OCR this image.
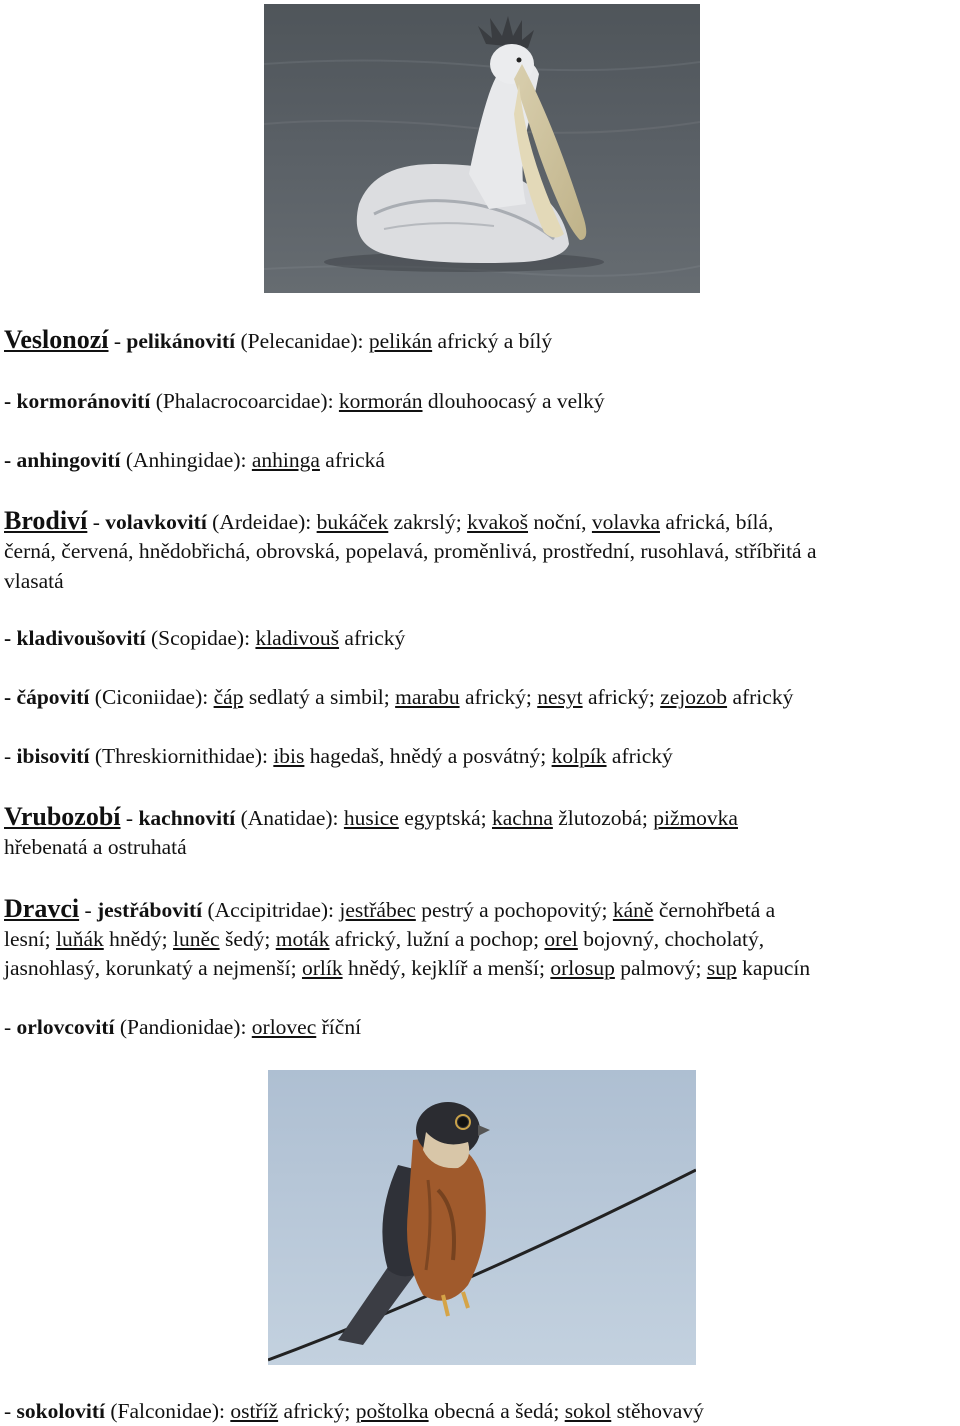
Veslonozí - pelikánovití (Pelecanidae): pelikán africký a bílý
- kormoránovití (Phalacrocoarcidae): kormorán dlouhoocasý a velký
- anhingovití (Anhingidae): anhinga africká
Brodiví - volavkovití (Ardeidae): bukáček zakrslý; kvakoš noční, volavka africká, bílá,
černá, červená, hnědobřichá, obrovská, popelavá, proměnlivá, prostřední, rusohlavá, stříbřitá a
vlasatá
- kladivoušovití (Scopidae): kladivouš africký
- čápovití (Ciconiidae): čáp sedlatý a simbil; marabu africký; nesyt africký; zejozob africký
- ibisovití (Threskiornithidae): ibis hagedaš, hnědý a posvátný; kolpík africký
Vrubozobí - kachnovití (Anatidae): husice egyptská; kachna žlutozobá; pižmovka
hřebenatá a ostruhatá
Dravci - jestřábovití (Accipitridae): jestřábec pestrý a pochopovitý; káně černohřbetá a
lesní; luňák hnědý; luněc šedý; moták africký, lužní a pochop; orel bojovný, chocholatý,
jasnohlasý, korunkatý a nejmenší; orlík hnědý, kejklíř a menší; orlosup palmový; sup kapucín
- orlovcovití (Pandionidae): orlovec říční
- sokolovití (Falconidae): ostříž africký; poštolka obecná a šedá; sokol stěhovavý
